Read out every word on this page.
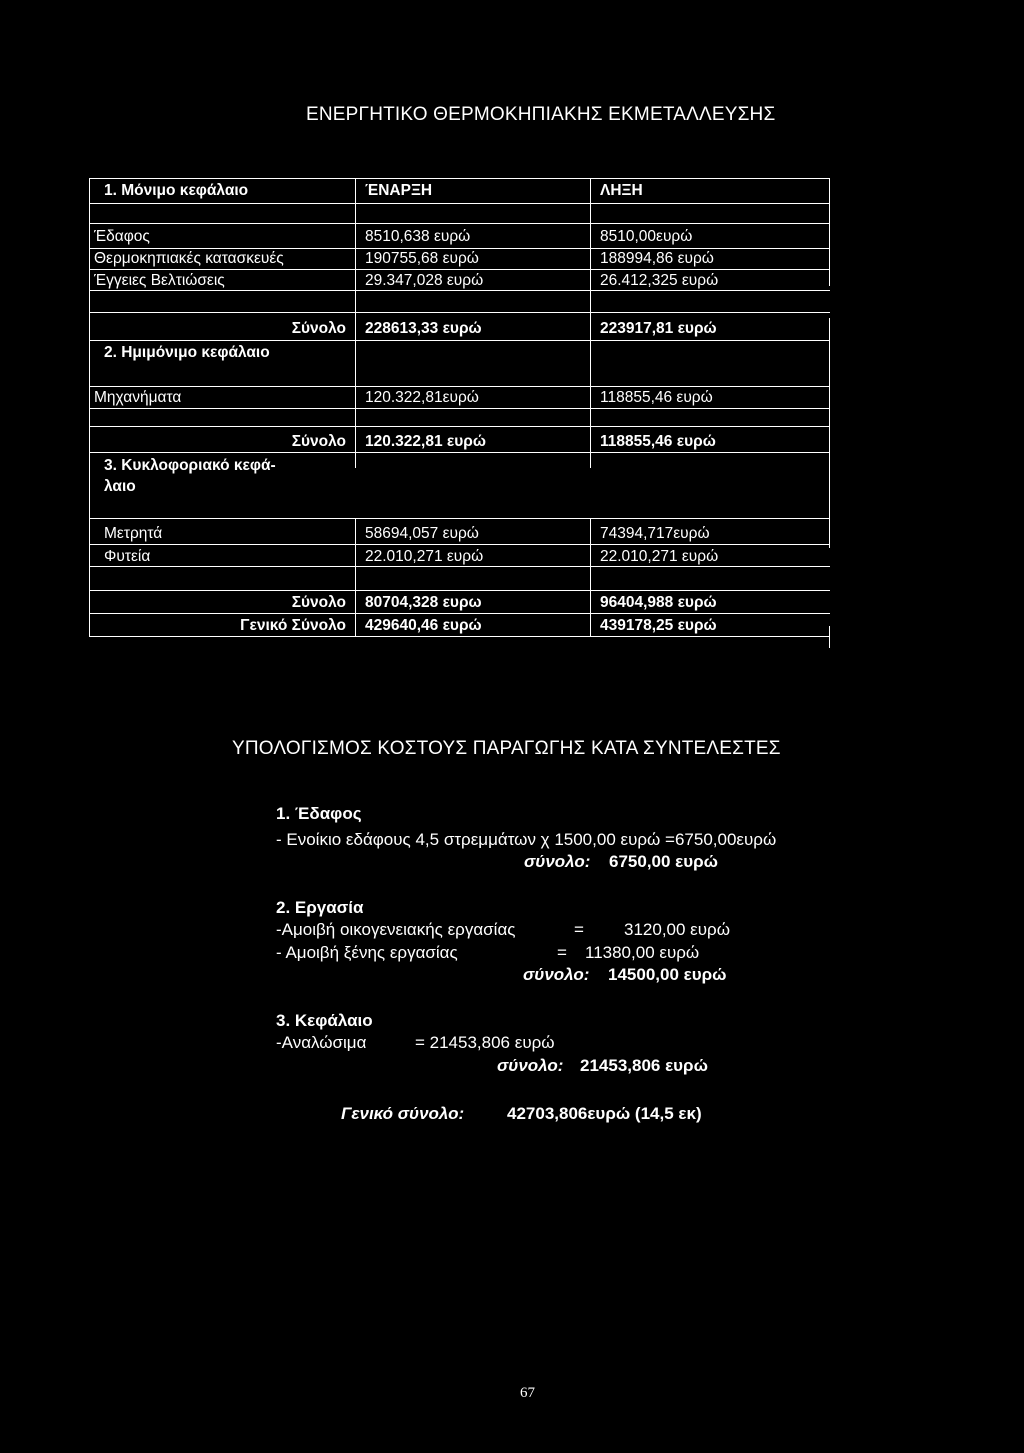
ΕΝΕΡΓΗΤΙΚΟ ΘΕΡΜΟΚΗΠΙΑΚΗΣ ΕΚΜΕΤΑΛΛΕΥΣΗΣ
1. Μόνιμο κεφάλαιο	ΈΝΑΡΞΗ	ΛΗΞΗ
Έδαφος	8510,638 ευρώ	8510,00ευρώ
Θερμοκηπιακές κατασκευές	190755,68 ευρώ	188994,86 ευρώ
Έγγειες Βελτιώσεις	29.347,028 ευρώ	26.412,325 ευρώ
Σύνολο 228613,33 ευρώ	223917,81 ευρώ
2. Ημιμόνιμο κεφάλαιο
Μηχανήματα	120.322,81ευρώ	118855,46 ευρώ
Σύνολο 120.322,81 ευρώ	118855,46 ευρώ
3. Κυκλοφοριακό κεφά-
λαιο
Μετρητά	58694,057 ευρώ	74394,717ευρώ
Φυτεία	22.010,271 ευρώ	22.010,271 ευρώ
Σύνολο 80704,328 ευρω	96404,988 ευρώ
Γενικό Σύνολο 429640,46 ευρώ	439178,25 ευρώ
ΥΠΟΛΟΓΙΣΜΟΣ ΚΟΣΤΟΥΣ ΠΑΡΑΓΩΓΗΣ ΚΑΤΑ ΣΥΝΤΕΛΕΣΤΕΣ
1. Έδαφος
- Ενοίκιο εδάφους 4,5 στρεμμάτων χ 1500,00 ευρώ =6750,00ευρώ
σύνολο: 6750,00 ευρώ
2. Εργασία
-Αμοιβή οικογενειακής εργασίας	= 3120,00 ευρώ
- Αμοιβή ξένης εργασίας	= 11380,00 ευρώ
σύνολο: 14500,00 ευρώ
3. Κεφάλαιο
-Αναλώσιμα	= 21453,806 ευρώ
σύνολο: 21453,806 ευρώ
Γενικό σύνολο:	42703,806ευρώ (14,5 εκ)
67
